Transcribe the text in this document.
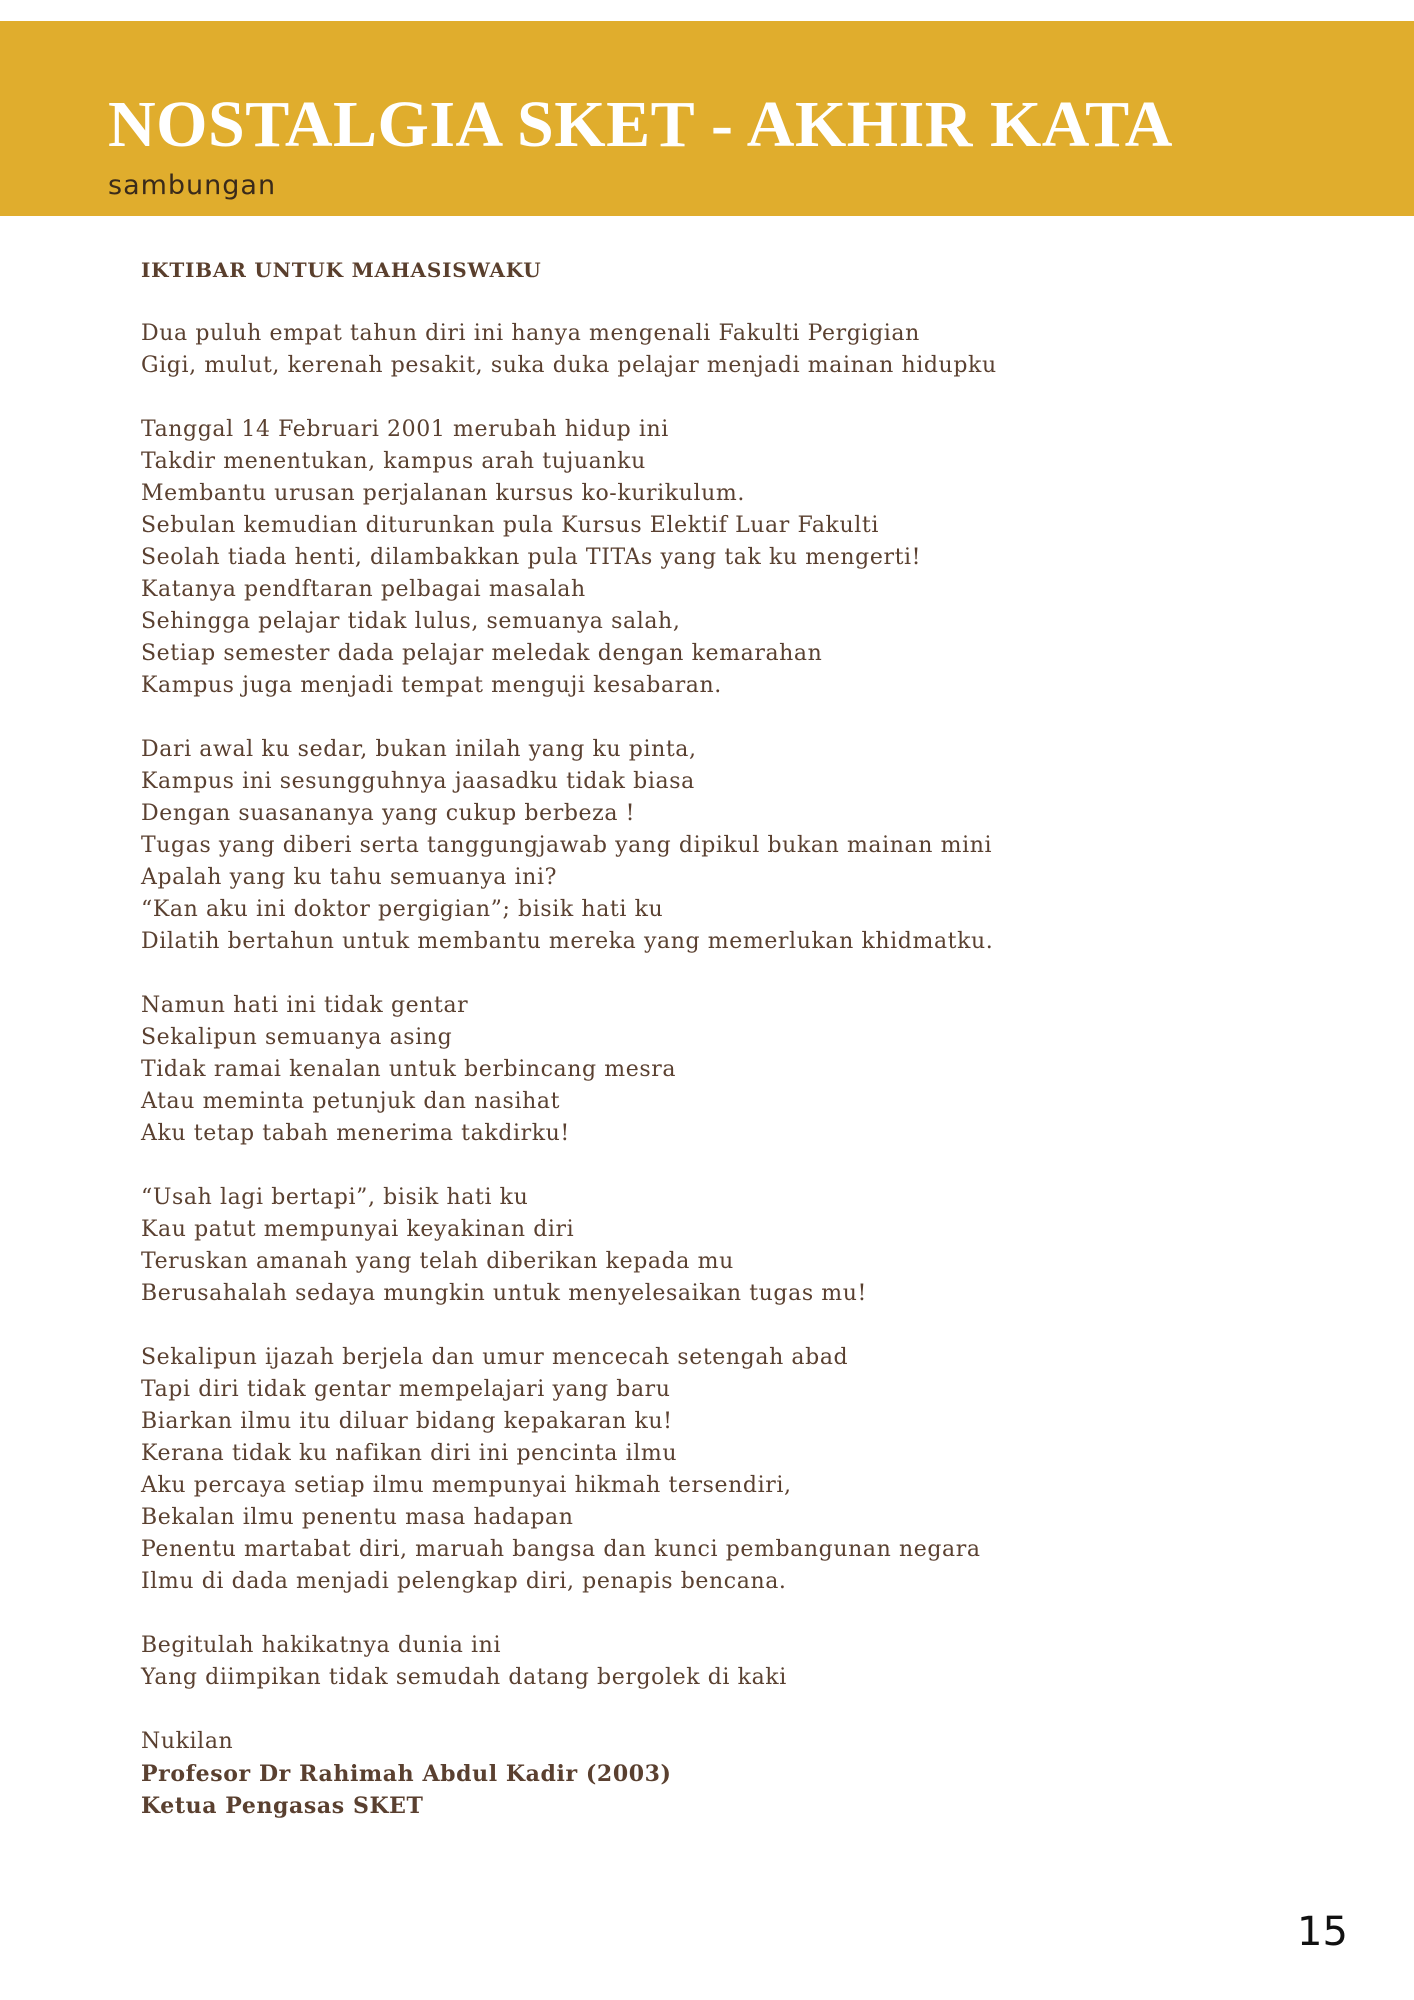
NOSTALGIA SKET - AKHIR KATA

sambungan

IKTIBAR UNTUK MAHASISWAKU
Dua puluh empat tahun diri ini hanya mengenali Fakulti Pergigian
Gigi, mulut, kerenah pesakit, suka duka pelajar menjadi mainan hidupku
Tanggal 14 Februari 2001 merubah hidup ini
Takdir menentukan, kampus arah tujuanku
Membantu urusan perjalanan kursus ko-kurikulum.
Sebulan kemudian diturunkan pula Kursus Elektif Luar Fakulti
Seolah tiada henti, dilambakkan pula TITAs yang tak ku mengerti!
Katanya pendftaran pelbagai masalah
Sehingga pelajar tidak lulus, semuanya salah,
Setiap semester dada pelajar meledak dengan kemarahan
Kampus juga menjadi tempat menguji kesabaran.
Dari awal ku sedar, bukan inilah yang ku pinta,
Kampus ini sesungguhnya jaasadku tidak biasa
Dengan suasananya yang cukup berbeza !
Tugas yang diberi serta tanggungjawab yang dipikul bukan mainan mini
Apalah yang ku tahu semuanya ini?
“Kan aku ini doktor pergigian”; bisik hati ku
Dilatih bertahun untuk membantu mereka yang memerlukan khidmatku.
Namun hati ini tidak gentar
Sekalipun semuanya asing
Tidak ramai kenalan untuk berbincang mesra
Atau meminta petunjuk dan nasihat
Aku tetap tabah menerima takdirku!
“Usah lagi bertapi”, bisik hati ku
Kau patut mempunyai keyakinan diri
Teruskan amanah yang telah diberikan kepada mu
Berusahalah sedaya mungkin untuk menyelesaikan tugas mu!
Sekalipun ijazah berjela dan umur mencecah setengah abad
Tapi diri tidak gentar mempelajari yang baru
Biarkan ilmu itu diluar bidang kepakaran ku!
Kerana tidak ku nafikan diri ini pencinta ilmu
Aku percaya setiap ilmu mempunyai hikmah tersendiri,
Bekalan ilmu penentu masa hadapan
Penentu martabat diri, maruah bangsa dan kunci pembangunan negara
Ilmu di dada menjadi pelengkap diri, penapis bencana.
Begitulah hakikatnya dunia ini
Yang diimpikan tidak semudah datang bergolek di kaki
Nukilan
Profesor Dr Rahimah Abdul Kadir (2003)
Ketua Pengasas SKET
15
